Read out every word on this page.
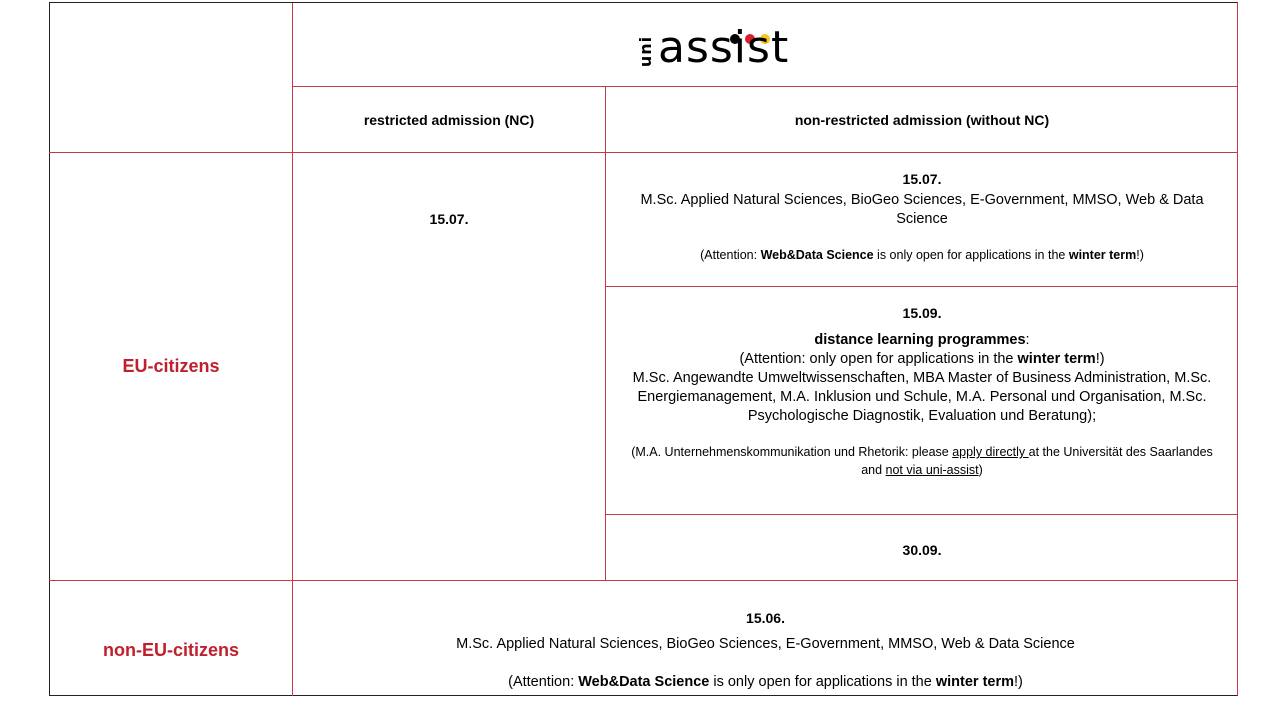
uni assist
restricted admission (NC)	non-restricted admission (without NC)
EU-citizens
15.07.
15.07.
M.Sc. Applied Natural Sciences, BioGeo Sciences, E-Government, MMSO, Web & Data Science
(Attention: Web&Data Science is only open for applications in the winter term!)
15.09.
distance learning programmes:
(Attention: only open for applications in the winter term!)
M.Sc. Angewandte Umweltwissenschaften, MBA Master of Business Administration, M.Sc. Energiemanagement, M.A. Inklusion und Schule, M.A. Personal und Organisation, M.Sc. Psychologische Diagnostik, Evaluation und Beratung);
(M.A. Unternehmenskommunikation und Rhetorik: please apply directly at the Universität des Saarlandes and not via uni-assist)
30.09.
non-EU-citizens
15.06.
M.Sc. Applied Natural Sciences, BioGeo Sciences, E-Government, MMSO, Web & Data Science
(Attention: Web&Data Science is only open for applications in the winter term!)
